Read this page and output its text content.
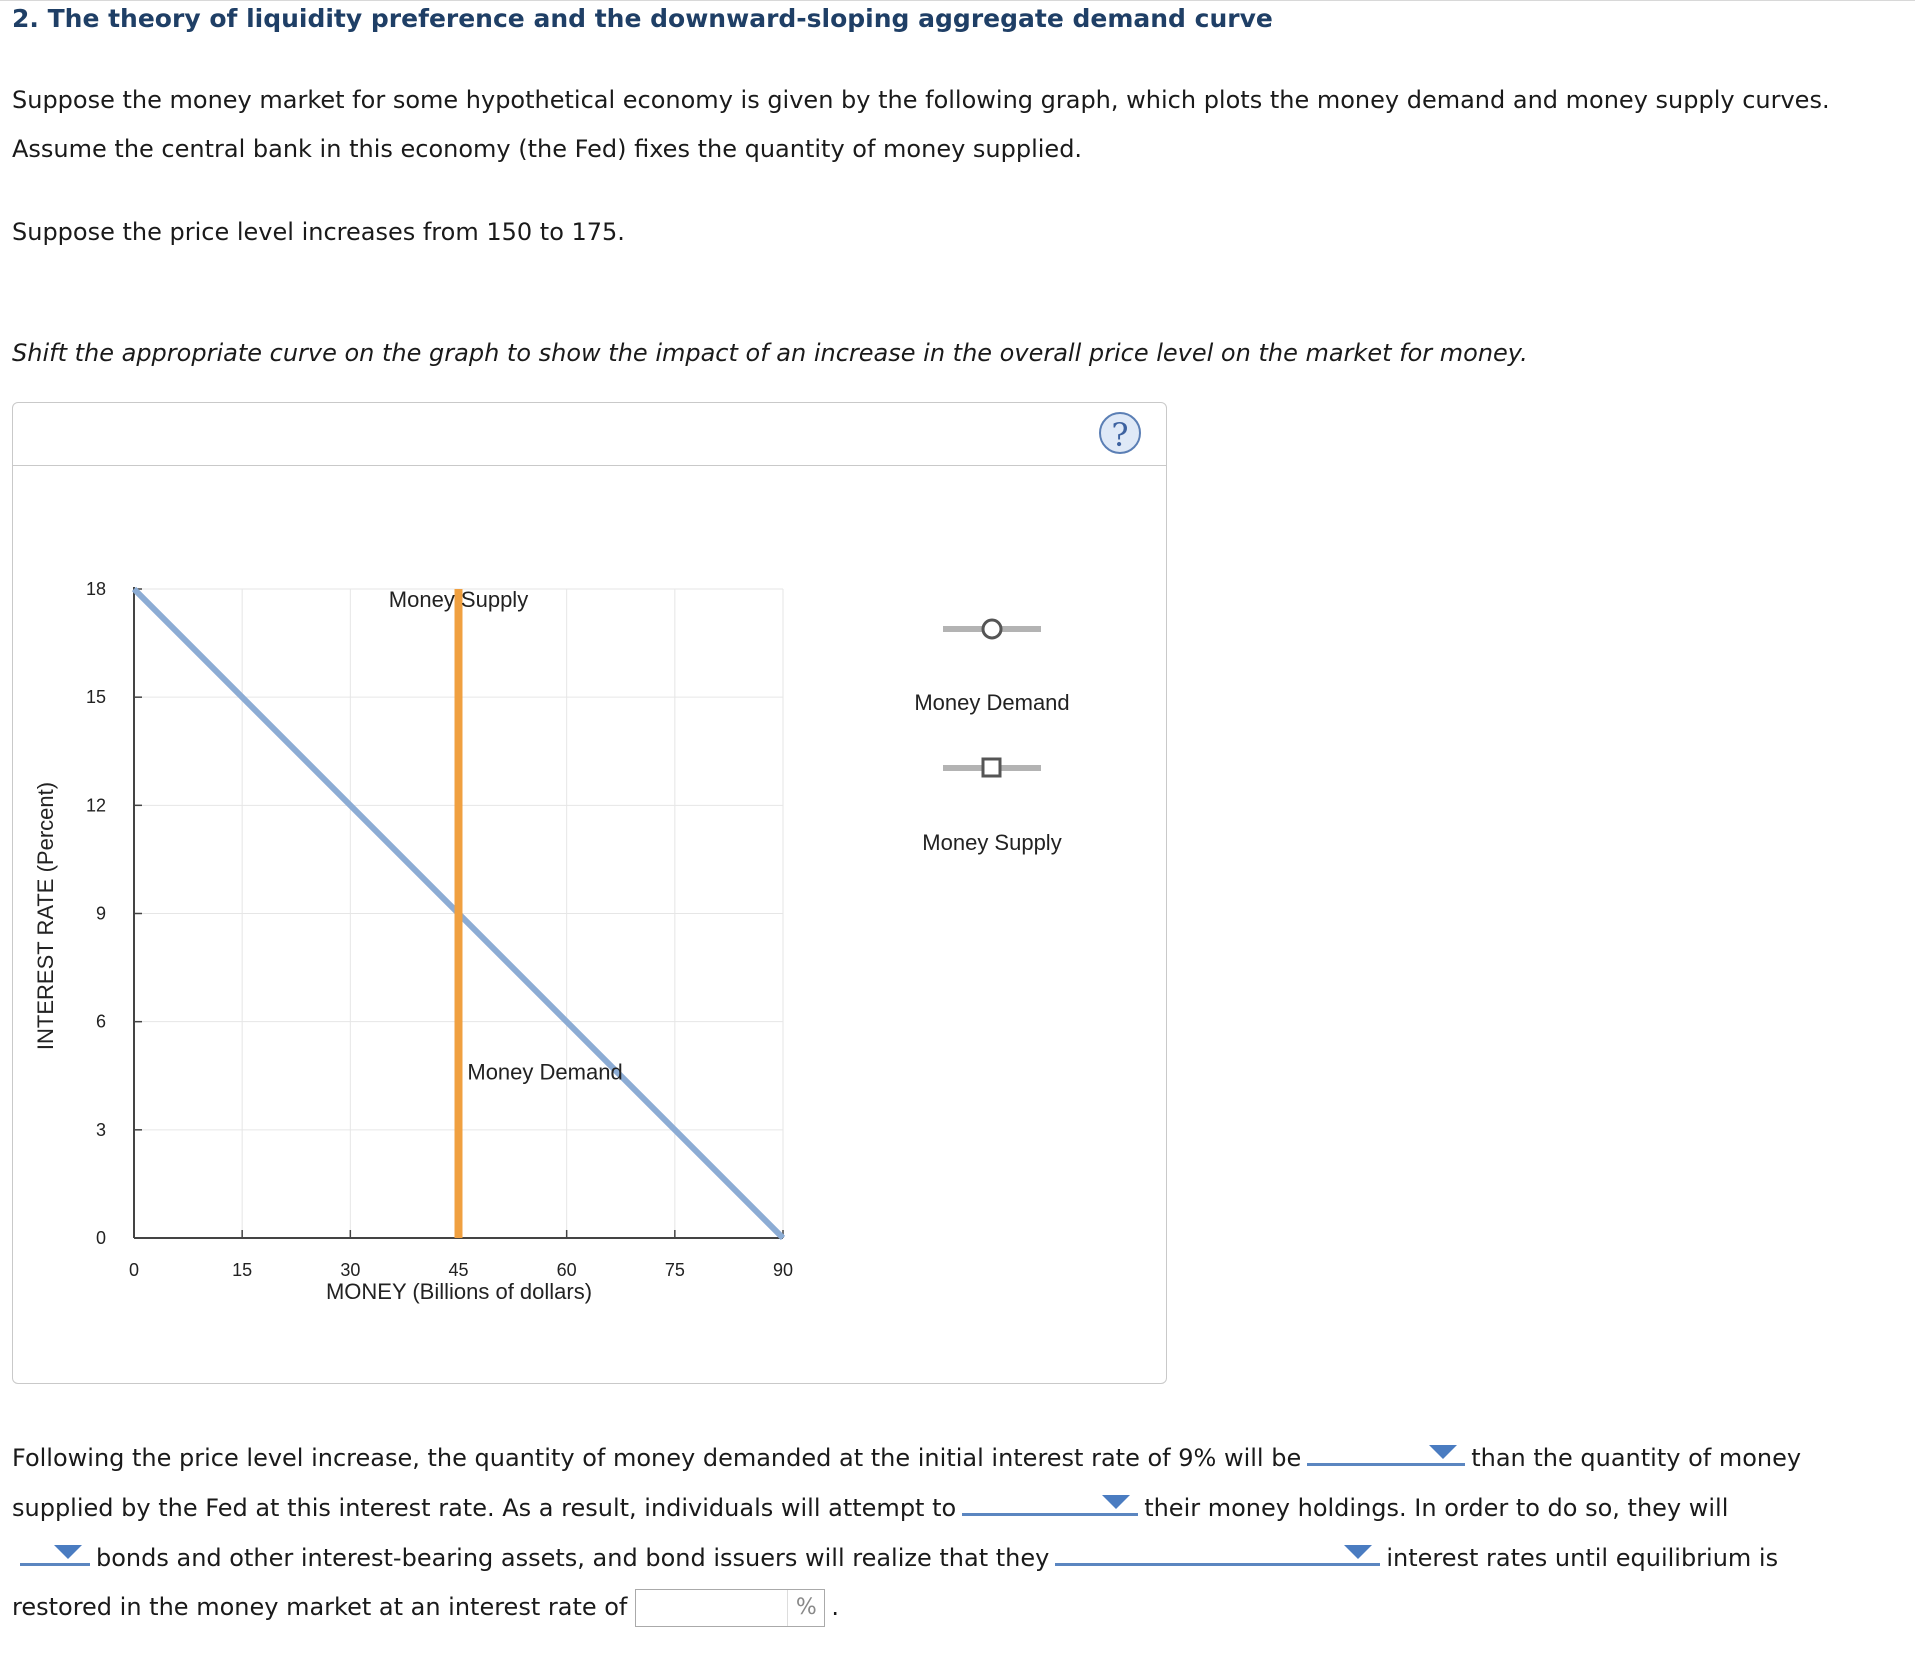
2. The theory of liquidity preference and the downward-sloping aggregate demand curve

Suppose the money market for some hypothetical economy is given by the following graph, which plots the money demand and money supply curves.

Assume the central bank in this economy (the Fed) fixes the quantity of money supplied.

Suppose the price level increases from 150 to 175.

Shift the appropriate curve on the graph to show the impact of an increase in the overall price level on the market for money.

?
0	15	30	45	60	75	90
0
3
6
9
12
15
18
Money Demand
Money Supply
MONEY (Billions of dollars)
INTEREST RATE (Percent)
Money Demand
Money Supply

Following the price level increase, the quantity of money demanded at the initial interest rate of 9% will be	than the quantity of money
supplied by the Fed at this interest rate. As a result, individuals will attempt to	their money holdings. In order to do so, they will

bonds and other interest-bearing assets, and bond issuers will realize that they	interest rates until equilibrium is
restored in the money market at an interest rate of	% .
